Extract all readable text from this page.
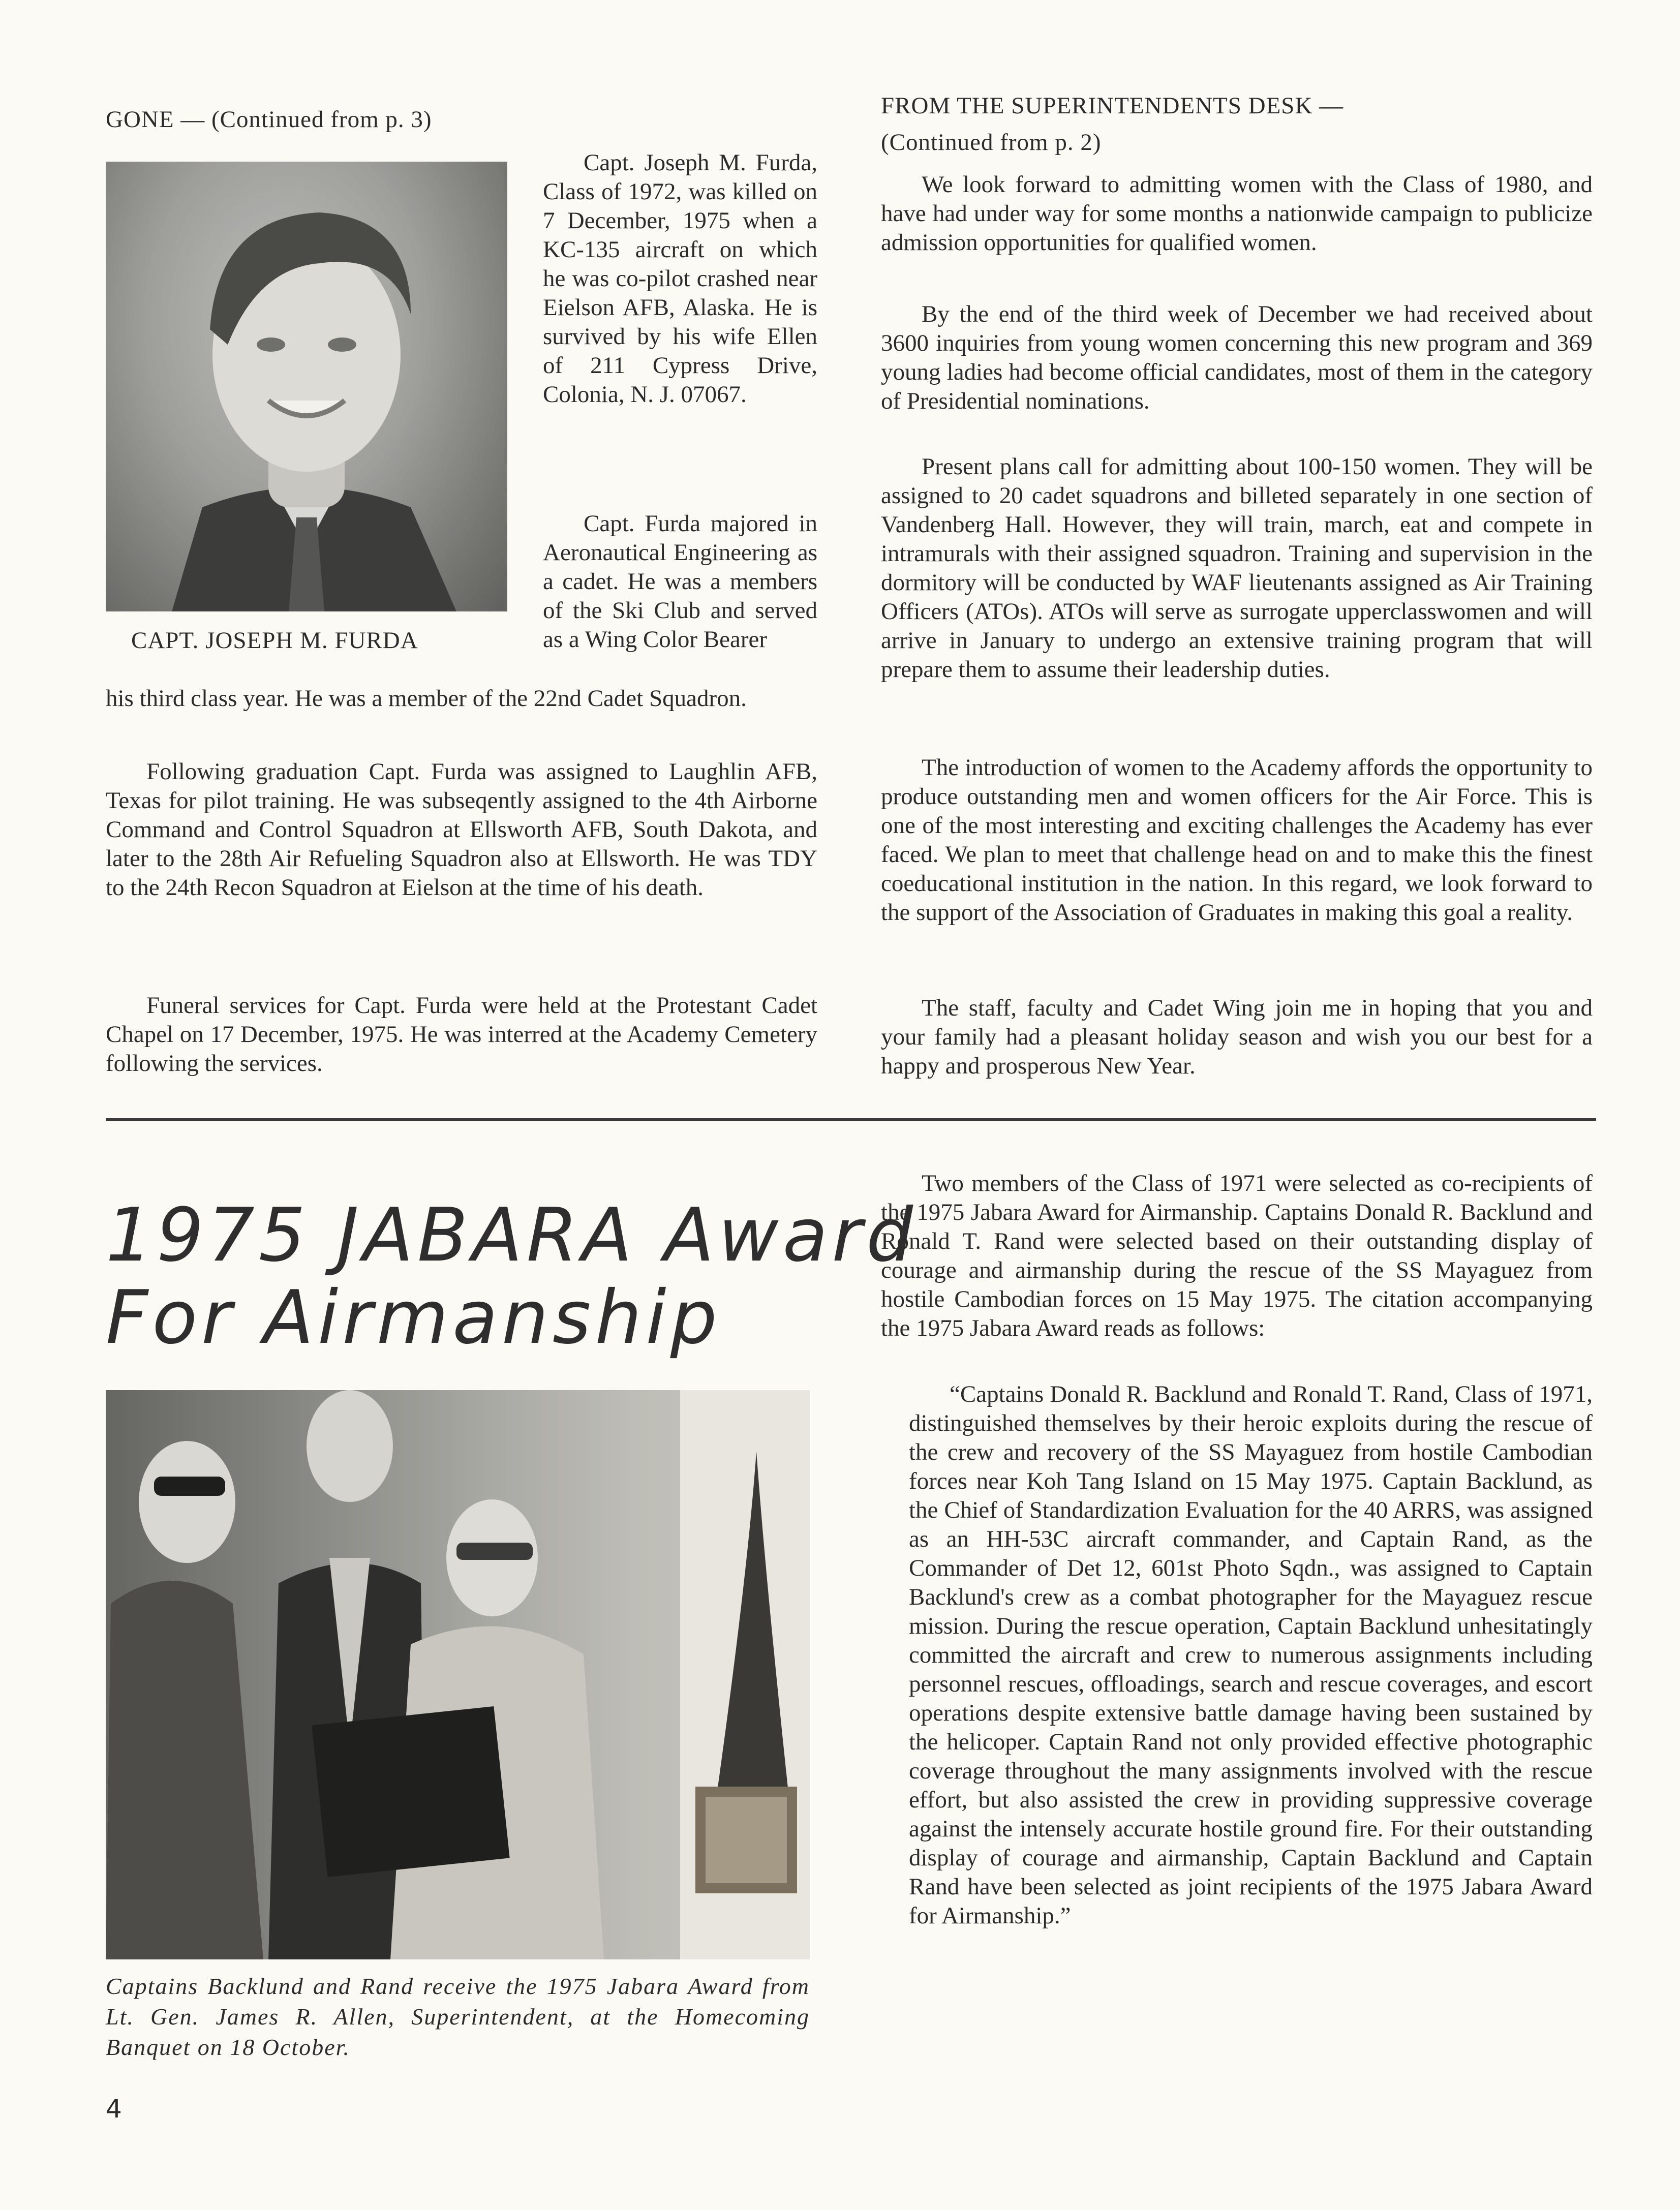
GONE — (Continued from p. 3)
CAPT. JOSEPH M. FURDA

Capt. Joseph M. Furda, Class of 1972, was killed on 7 December, 1975 when a KC-135 aircraft on which he was co-pilot crashed near Eielson AFB, Alaska. He is survived by his wife Ellen of 211 Cypress Drive, Colonia, N. J. 07067.

Capt. Furda majored in Aeronautical Engineering as a cadet. He was a members of the Ski Club and served as a Wing Color Bearer

his third class year. He was a member of the 22nd Cadet Squadron.

Following graduation Capt. Furda was assigned to Laughlin AFB, Texas for pilot training. He was subseqently assigned to the 4th Airborne Command and Control Squadron at Ellsworth AFB, South Dakota, and later to the 28th Air Refueling Squadron also at Ellsworth. He was TDY to the 24th Recon Squadron at Eielson at the time of his death.

Funeral services for Capt. Furda were held at the Protestant Cadet Chapel on 17 December, 1975. He was interred at the Academy Cemetery following the services.

FROM THE SUPERINTENDENTS DESK —
(Continued from p. 2)

We look forward to admitting women with the Class of 1980, and have had under way for some months a nationwide campaign to publicize admission opportunities for qualified women.

By the end of the third week of December we had received about 3600 inquiries from young women concerning this new program and 369 young ladies had become official candidates, most of them in the category of Presidential nominations.

Present plans call for admitting about 100-150 women. They will be assigned to 20 cadet squadrons and billeted separately in one section of Vandenberg Hall. However, they will train, march, eat and compete in intramurals with their assigned squadron. Training and supervision in the dormitory will be conducted by WAF lieutenants assigned as Air Training Officers (ATOs). ATOs will serve as surrogate upperclasswomen and will arrive in January to undergo an extensive training program that will prepare them to assume their leadership duties.

The introduction of women to the Academy affords the opportunity to produce outstanding men and women officers for the Air Force. This is one of the most interesting and exciting challenges the Academy has ever faced. We plan to meet that challenge head on and to make this the finest coeducational institution in the nation. In this regard, we look forward to the support of the Association of Graduates in making this goal a reality.

The staff, faculty and Cadet Wing join me in hoping that you and your family had a pleasant holiday season and wish you our best for a happy and prosperous New Year.

1975 JABARA Award
For Airmanship

Captains Backlund and Rand receive the 1975 Jabara Award from Lt. Gen. James R. Allen, Superintendent, at the Homecoming Banquet on 18 October.

Two members of the Class of 1971 were selected as co-recipients of the 1975 Jabara Award for Airmanship. Captains Donald R. Backlund and Ronald T. Rand were selected based on their outstanding display of courage and airmanship during the rescue of the SS Mayaguez from hostile Cambodian forces on 15 May 1975. The citation accompanying the 1975 Jabara Award reads as follows:

“Captains Donald R. Backlund and Ronald T. Rand, Class of 1971, distinguished themselves by their heroic exploits during the rescue of the crew and recovery of the SS Mayaguez from hostile Cambodian forces near Koh Tang Island on 15 May 1975. Captain Backlund, as the Chief of Standardization Evaluation for the 40 ARRS, was assigned as an HH-53C aircraft commander, and Captain Rand, as the Commander of Det 12, 601st Photo Sqdn., was assigned to Captain Backlund's crew as a combat photographer for the Mayaguez rescue mission. During the rescue operation, Captain Backlund unhesitatingly committed the aircraft and crew to numerous assignments including personnel rescues, offloadings, search and rescue coverages, and escort operations despite extensive battle damage having been sustained by the helicoper. Captain Rand not only provided effective photographic coverage throughout the many assignments involved with the rescue effort, but also assisted the crew in providing suppressive coverage against the intensely accurate hostile ground fire. For their outstanding display of courage and airmanship, Captain Backlund and Captain Rand have been selected as joint recipients of the 1975 Jabara Award for Airmanship.”

4
